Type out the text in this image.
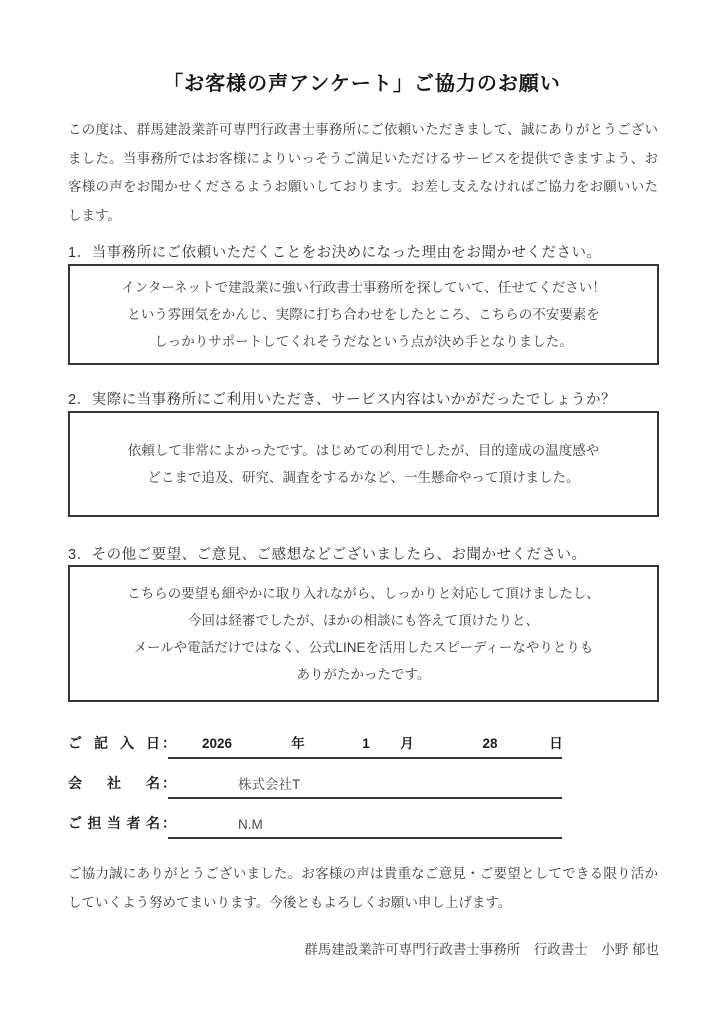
「お客様の声アンケート」ご協力のお願い

この度は、群馬建設業許可専門行政書士事務所にご依頼いただきまして、誠にありがとうございました。当事務所ではお客様によりいっそうご満足いただけるサービスを提供できますよう、お客様の声をお聞かせくださるようお願いしております。お差し支えなければご協力をお願いいたします。

1．当事務所にご依頼いただくことをお決めになった理由をお聞かせください。
インターネットで建設業に強い行政書士事務所を探していて、任せてください！
という雰囲気をかんじ、実際に打ち合わせをしたところ、こちらの不安要素を
しっかりサポートしてくれそうだなという点が決め手となりました。
2．実際に当事務所にご利用いただき、サービス内容はいかがだったでしょうか？
依頼して非常によかったです。はじめての利用でしたが、目的達成の温度感や
どこまで追及、研究、調査をするかなど、一生懸命やって頂けました。
3．その他ご要望、ご意見、ご感想などございましたら、お聞かせください。
こちらの要望も細やかに取り入れながら、しっかりと対応して頂けましたし、
今回は経審でしたが、ほかの相談にも答えて頂けたりと、
メールや電話だけではなく、公式LINEを活用したスピーディーなやりとりも
ありがたかったです。
ご記入日 ： 2026	年	1 月	28	日
会社名 ：	株式会社T
ご担当者名 ：	N.M

ご協力誠にありがとうございました。お客様の声は貴重なご意見・ご要望としてできる限り活かしていくよう努めてまいります。今後ともよろしくお願い申し上げます。

群馬建設業許可専門行政書士事務所　行政書士　小野 郁也
